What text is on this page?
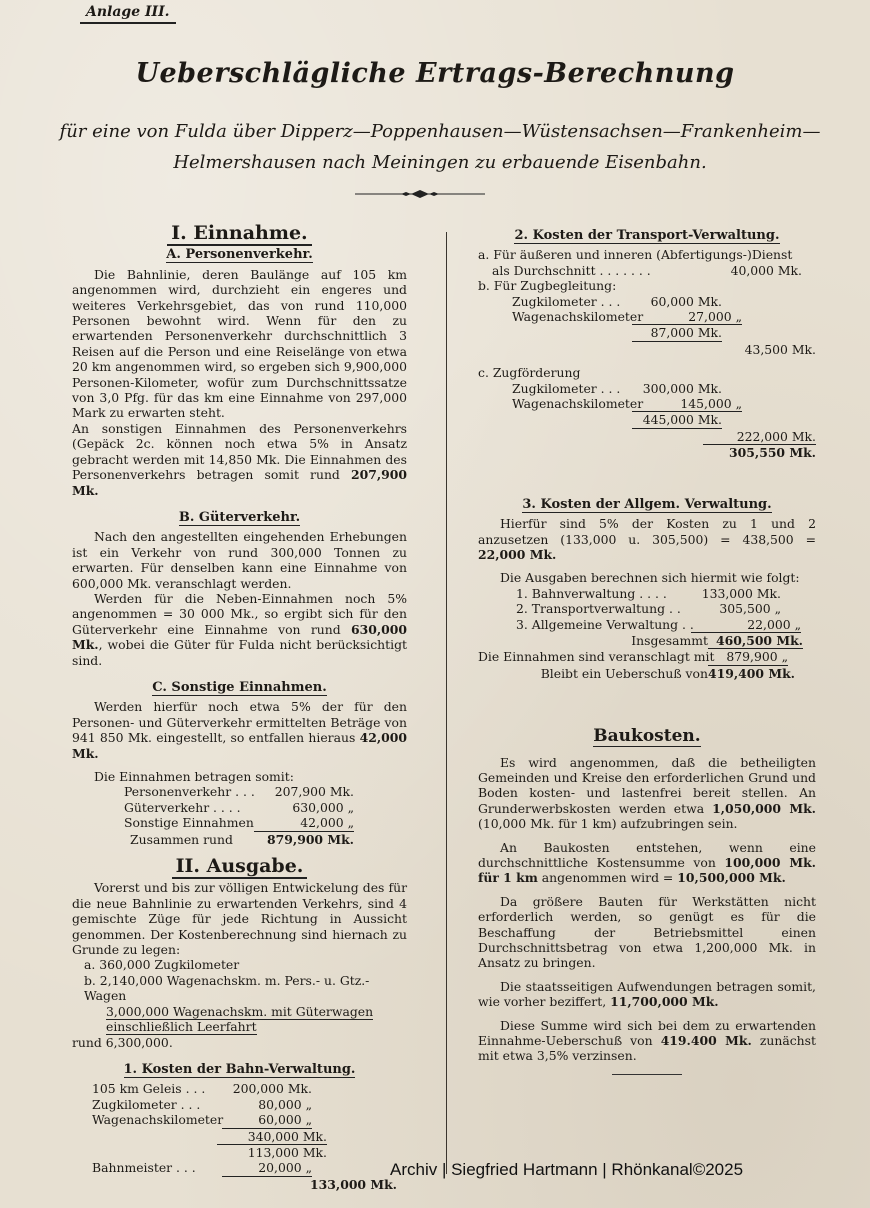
Anlage III.
Ueberschlägliche Ertrags-Berechnung
für eine von Fulda über Dipperz—Poppenhausen—Wüstensachsen—Frankenheim—
Helmershausen nach Meiningen zu erbauende Eisenbahn.
I. Einnahme.
A. Personenverkehr.

Die Bahnlinie, deren Baulänge auf 105 km angenommen wird, durchzieht ein engeres und weiteres Verkehrsgebiet, das von rund 110,000 Personen bewohnt wird. Wenn für den zu erwartenden Personenverkehr durchschnittlich 3 Reisen auf die Person und eine Reiselänge von etwa 20 km angenommen wird, so ergeben sich 9,900,000 Personen-Kilometer, wofür zum Durchschnittssatze von 3,0 Pfg. für das km eine Einnahme von 297,000 Mark zu erwarten steht.

An sonstigen Einnahmen des Personenverkehrs (Gepäck 2c. können noch etwa 5% in Ansatz gebracht werden mit 14,850 Mk. Die Einnahmen des Personenverkehrs betragen somit rund 207,900 Mk.

B. Güterverkehr.

Nach den angestellten eingehenden Erhebungen ist ein Verkehr von rund 300,000 Tonnen zu erwarten. Für denselben kann eine Einnahme von 600,000 Mk. veranschlagt werden.

Werden für die Neben-Einnahmen noch 5% angenommen = 30 000 Mk., so ergibt sich für den Güterverkehr eine Einnahme von rund 630,000 Mk., wobei die Güter für Fulda nicht berücksichtigt sind.

C. Sonstige Einnahmen.

Werden hierfür noch etwa 5% der für den Personen- und Güterverkehr ermittelten Beträge von 941 850 Mk. eingestellt, so entfallen hieraus 42,000 Mk.

Die Einnahmen betragen somit:
Personenverkehr . . .	207,900 Mk.
Güterverkehr . . . .	630,000 „
Sonstige Einnahmen	42,000 „
Zusammen rund	879,900 Mk.
II. Ausgabe.

Vorerst und bis zur völligen Entwickelung des für die neue Bahnlinie zu erwartenden Verkehrs, sind 4 gemischte Züge für jede Richtung in Aussicht genommen. Der Kostenberechnung sind hiernach zu Grunde zu legen:

a. 360,000 Zugkilometer
b. 2,140,000 Wagenachskm. m. Pers.- u. Gtz.-Wagen
3,000,000 Wagenachskm. mit Güterwagen einschließlich Leerfahrt
rund 6,300,000.
1. Kosten der Bahn-Verwaltung.
105 km Geleis . . .	200,000 Mk.
Zugkilometer . . .	80,000 „
Wagenachskilometer	60,000 „
340,000 Mk.
113,000 Mk.
Bahnmeister . . .	20,000 „
133,000 Mk.
2. Kosten der Transport-Verwaltung.
a. Für äußeren und inneren (Abfertigungs-)Dienst
als Durchschnitt . . . . . . .	40,000 Mk.
b. Für Zugbegleitung:
Zugkilometer . . .	60,000 Mk.
Wagenachskilometer	27,000 „
87,000 Mk.
43,500 Mk.
c. Zugförderung
Zugkilometer . . .	300,000 Mk.
Wagenachskilometer	145,000 „
445,000 Mk.
222,000 Mk.
305,550 Mk.
3. Kosten der Allgem. Verwaltung.

Hierfür sind 5% der Kosten zu 1 und 2 anzusetzen (133,000 u. 305,500) = 438,500 = 22,000 Mk.

Die Ausgaben berechnen sich hiermit wie folgt:
1. Bahnverwaltung . . . .	133,000 Mk.
2. Transportverwaltung . .	305,500 „
3. Allgemeine Verwaltung . .	22,000 „
Insgesammt 460,500 Mk.
Die Einnahmen sind veranschlagt mit 879,900 „
Bleibt ein Ueberschuß von 419,400 Mk.
Baukosten.

Es wird angenommen, daß die betheiligten Gemeinden und Kreise den erforderlichen Grund und Boden kosten- und lastenfrei bereit stellen. An Grunderwerbskosten werden etwa 1,050,000 Mk. (10,000 Mk. für 1 km) aufzubringen sein.

An Baukosten entstehen, wenn eine durchschnittliche Kostensumme von 100,000 Mk. für 1 km angenommen wird = 10,500,000 Mk.

Da größere Bauten für Werkstätten nicht erforderlich werden, so genügt es für die Beschaffung der Betriebsmittel einen Durchschnittsbetrag von etwa 1,200,000 Mk. in Ansatz zu bringen.

Die staatsseitigen Aufwendungen betragen somit, wie vorher beziffert, 11,700,000 Mk.

Diese Summe wird sich bei dem zu erwartenden Einnahme-Ueberschuß von 419.400 Mk. zunächst mit etwa 3,5% verzinsen.

Archiv | Siegfried Hartmann | Rhönkanal©2025
